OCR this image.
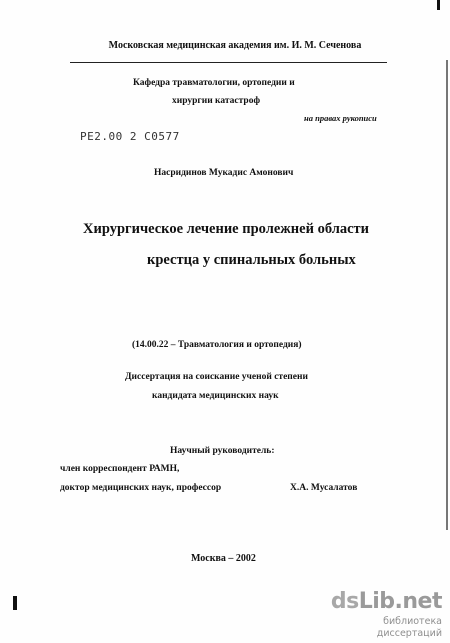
Московская медицинская академия им. И. М. Сеченова
Кафедра травматологии, ортопедии и
хирургии катастроф
на правах рукописи
РЕ2.00 2 С0577
Насридинов Мукадис Амонович
Хирургическое лечение пролежней области
крестца у спинальных больных
(14.00.22 – Травматология и ортопедия)
Диссертация на соискание ученой степени
кандидата медицинских наук
Научный руководитель:
член корреспондент РАМН,
доктор медицинских наук, профессор	Х.А. Мусалатов
Москва – 2002
dsLib.net
библиотека диссертаций
